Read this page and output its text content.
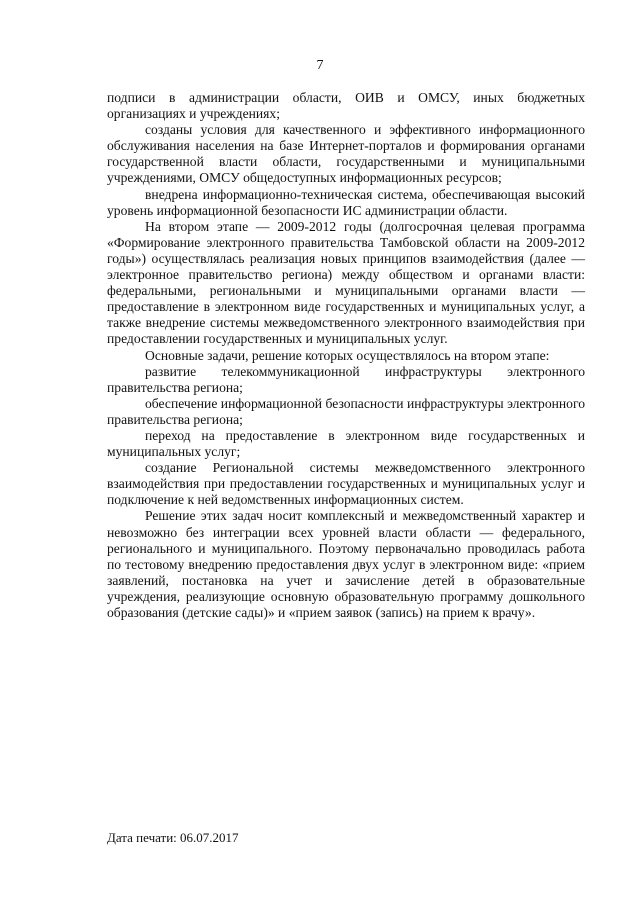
7

подписи в администрации области, ОИВ и ОМСУ, иных бюджетных организациях и учреждениях;

созданы условия для качественного и эффективного информационного обслуживания населения на базе Интернет-порталов и формирования органами государственной власти области, государственными и муниципальными учреждениями, ОМСУ общедоступных информационных ресурсов;

внедрена информационно-техническая система, обеспечивающая высокий уровень информационной безопасности ИС администрации области.

На втором этапе — 2009-2012 годы (долгосрочная целевая программа «Формирование электронного правительства Тамбовской области на 2009-2012 годы») осуществлялась реализация новых принципов взаимодействия (далее — электронное правительство региона) между обществом и органами власти: федеральными, региональными и муниципальными органами власти — предоставление в электронном виде государственных и муниципальных услуг, а также внедрение системы межведомственного электронного взаимодействия при предоставлении государственных и муниципальных услуг.

Основные задачи, решение которых осуществлялось на втором этапе:

развитие телекоммуникационной инфраструктуры электронного правительства региона;

обеспечение информационной безопасности инфраструктуры электронного правительства региона;

переход на предоставление в электронном виде государственных и муниципальных услуг;

создание Региональной системы межведомственного электронного взаимодействия при предоставлении государственных и муниципальных услуг и подключение к ней ведомственных информационных систем.

Решение этих задач носит комплексный и межведомственный характер и невозможно без интеграции всех уровней власти области — федерального, регионального и муниципального. Поэтому первоначально проводилась работа по тестовому внедрению предоставления двух услуг в электронном виде: «прием заявлений, постановка на учет и зачисление детей в образовательные учреждения, реализующие основную образовательную программу дошкольного образования (детские сады)» и «прием заявок (запись) на прием к врачу».

Дата печати: 06.07.2017
